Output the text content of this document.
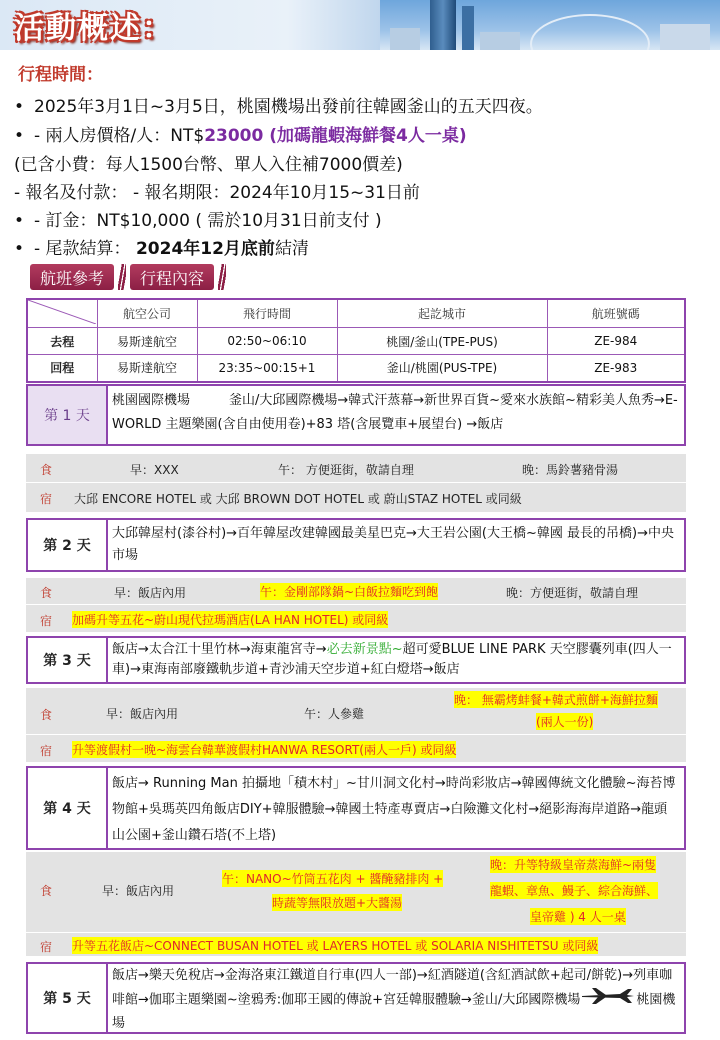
活動概述：
行程時間：
• 2025年3月1日~3月5日，桃園機場出發前往韓國釜山的五天四夜。
• - 兩人房價格/人：NT$23000 (加碼龍蝦海鮮餐4人一桌)
(已含小費：每人1500台幣、單人入住補7000價差)
- 報名及付款： - 報名期限：2024年10月15~31日前
• - 訂金：NT$10,000 ( 需於10月31日前支付 )
• - 尾款結算： 2024年12月底前結清
航班參考	行程內容
	航空公司	飛行時間	起訖城市	航班號碼
去程	易斯達航空	02:50~06:10	桃園/釜山(TPE-PUS)	ZE-984
回程	易斯達航空	23:35~00:15+1	釜山/桃園(PUS-TPE)	ZE-983
第 1 天
桃園國際機場　　　釜山/大邱國際機場→韓式汗蒸幕→新世界百貨~愛來水族館~精彩美人魚秀→E-WORLD 主題樂園(含自由使用卷)+83 塔(含展覽車+展望台) →飯店
食	早：XXX	午： 方便逛街，敬請自理	晚：馬鈴薯豬骨湯
宿 大邱 ENCORE HOTEL 或 大邱 BROWN DOT HOTEL 或 蔚山STAZ HOTEL 或同級
第 2 天
大邱韓屋村(漆谷村)→百年韓屋改建韓國最美星巴克→大王岩公園(大王橋~韓國 最長的吊橋)→中央市場
食	早：飯店內用	午：金剛部隊鍋~白飯拉麵吃到飽	晚：方便逛街，敬請自理
宿 加碼升等五花~蔚山現代拉瑪酒店(LA HAN HOTEL) 或同級
第 3 天
飯店→太合江十里竹林→海東龍宮寺→必去新景點~超可愛BLUE LINE PARK 天空膠囊列車(四人一車)→東海南部廢鐵軌步道+青沙浦天空步道+紅白燈塔→飯店
食	早：飯店內用	午：人參雞
晚： 無霸烤蚌餐+韓式煎餅+海鮮拉麵
(兩人一份)
宿 升等渡假村一晚~海雲台韓華渡假村HANWA RESORT(兩人一戶) 或同級
第 4 天
飯店→ Running Man 拍攝地「積木村」~甘川洞文化村→時尚彩妝店→韓國傳統文化體驗~海苔博物館+吳瑪英四角飯店DIY+韓服體驗→韓國土特產專賣店→白險灘文化村→絕影海海岸道路→龍頭山公園+釜山鑽石塔(不上塔)
食	早：飯店內用
午：NANO~竹筒五花肉 + 醬醃豬排肉 +
時蔬等無限放題+大醬湯
晚：升等特級皇帝蒸海鮮~兩隻
龍蝦、章魚、鰻子、綜合海鮮、
皇帝雞 ) 4 人一桌
宿 升等五花飯店~CONNECT BUSAN HOTEL 或 LAYERS HOTEL 或 SOLARIA NISHITETSU 或同級
第 5 天
飯店→樂天免稅店→金海洛東江鐵道自行車(四人一部)→紅酒隧道(含紅酒試飲+起司/餅乾)→列車咖啡館→伽耶主題樂園~塗鴉秀:伽耶王國的傳說+宮廷韓服體驗→釜山/大邱國際機場	桃園機場
